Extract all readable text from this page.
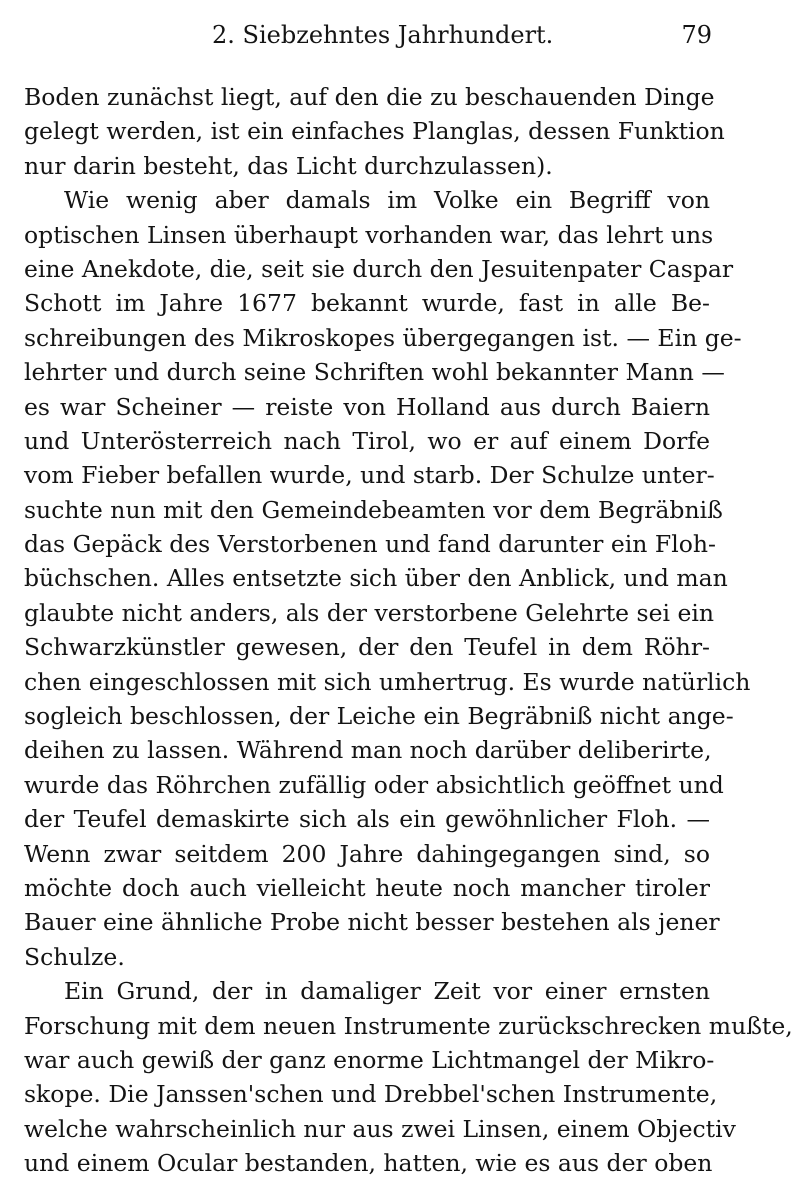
2. Siebzehntes Jahrhundert.	79
Boden zunächst liegt, auf den die zu beschauenden Dinge
gelegt werden, ist ein einfaches Planglas, dessen Funktion
nur darin besteht, das Licht durchzulassen).
Wie wenig aber damals im Volke ein Begriff von
optischen Linsen überhaupt vorhanden war, das lehrt uns
eine Anekdote, die, seit sie durch den Jesuitenpater Caspar
Schott im Jahre 1677 bekannt wurde, fast in alle Be-
schreibungen des Mikroskopes übergegangen ist. — Ein ge-
lehrter und durch seine Schriften wohl bekannter Mann —
es war Scheiner — reiste von Holland aus durch Baiern
und Unterösterreich nach Tirol, wo er auf einem Dorfe
vom Fieber befallen wurde, und starb. Der Schulze unter-
suchte nun mit den Gemeindebeamten vor dem Begräbniß
das Gepäck des Verstorbenen und fand darunter ein Floh-
büchschen. Alles entsetzte sich über den Anblick, und man
glaubte nicht anders, als der verstorbene Gelehrte sei ein
Schwarzkünstler gewesen, der den Teufel in dem Röhr-
chen eingeschlossen mit sich umhertrug. Es wurde natürlich
sogleich beschlossen, der Leiche ein Begräbniß nicht ange-
deihen zu lassen. Während man noch darüber deliberirte,
wurde das Röhrchen zufällig oder absichtlich geöffnet und
der Teufel demaskirte sich als ein gewöhnlicher Floh. —
Wenn zwar seitdem 200 Jahre dahingegangen sind, so
möchte doch auch vielleicht heute noch mancher tiroler
Bauer eine ähnliche Probe nicht besser bestehen als jener
Schulze.
Ein Grund, der in damaliger Zeit vor einer ernsten
Forschung mit dem neuen Instrumente zurückschrecken mußte,
war auch gewiß der ganz enorme Lichtmangel der Mikro-
skope. Die Janssen'schen und Drebbel'schen Instrumente,
welche wahrscheinlich nur aus zwei Linsen, einem Objectiv
und einem Ocular bestanden, hatten, wie es aus der oben
